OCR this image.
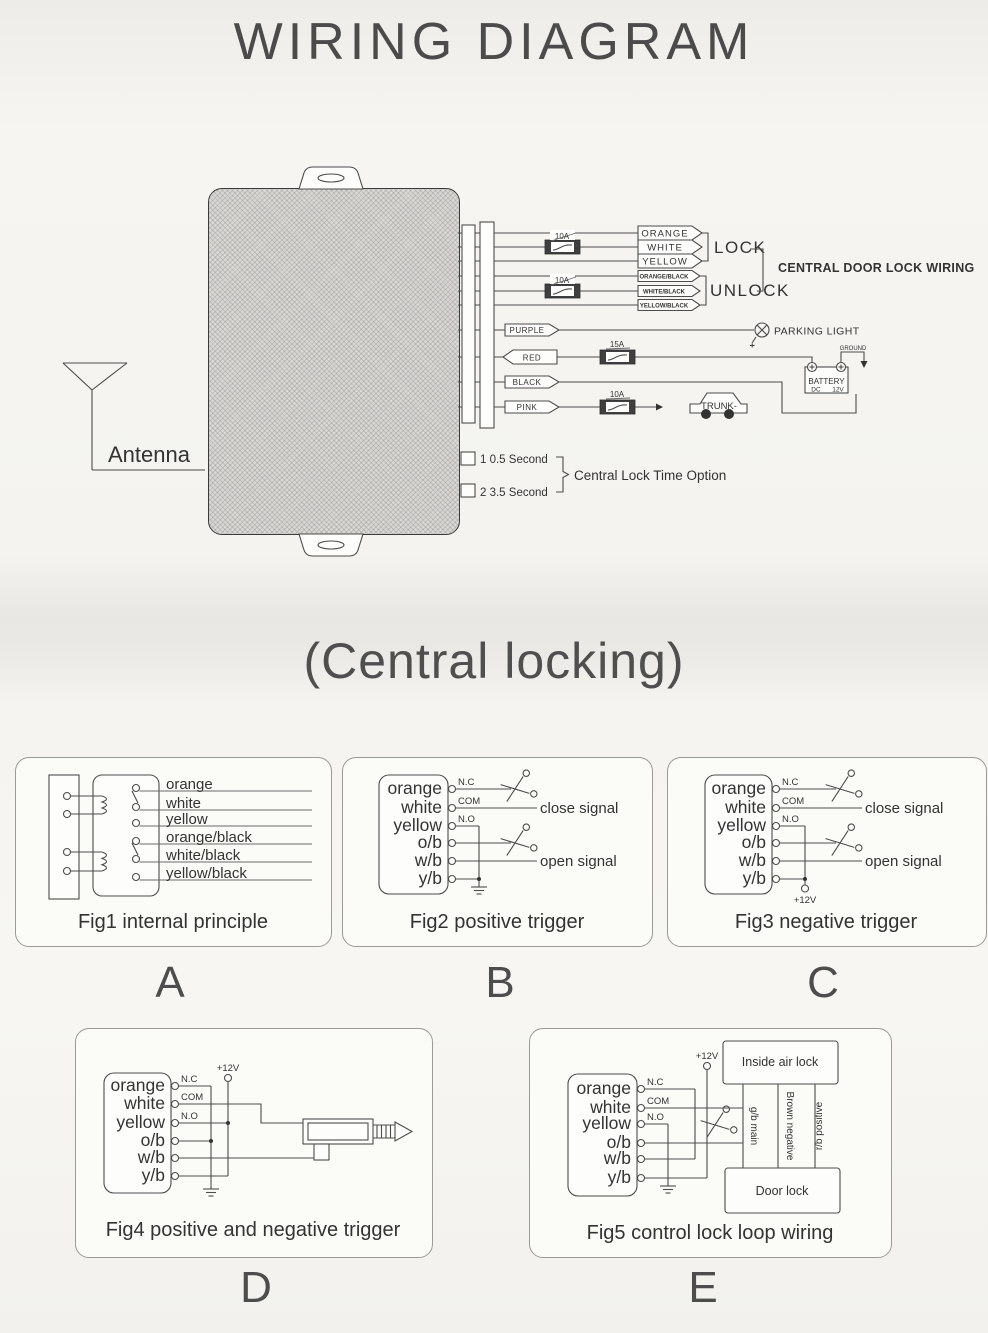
WIRING DIAGRAM
Antenna
10A
10A
15A
10A
ORANGE
WHITE
YELLOW
ORANGE/BLACK
WHITE/BLACK
YELLOW/BLACK
LOCK
UNLOCK
CENTRAL DOOR LOCK WIRING
PURPLE	PARKING LIGHT
RED
BATTERY
DC 12V
GROUND
BLACK
PINK	TRUNK-
1 0.5 Second
2 3.5 Second
Central Lock Time Option
(Central locking)
orange
white
yellow
orange/black
white/black
yellow/black
Fig1 internal principle
orange
white
yellow
o/b
w/b
y/b
N.C
COM
N.O
close signal
open signal
Fig2 positive trigger
orange
white
yellow
o/b
w/b
y/b
N.C
COM
N.O
+12V
close signal
open signal
Fig3 negative trigger
A	B	C
orange
white
yellow
o/b
w/b
y/b
N.C
COM
N.O
+12V
Fig4 positive and negative trigger
orange
white
yellow
o/b
w/b
y/b
N.C
COM
N.O
+12V Inside air lock
Door lock
g/b main	Brown negative r/b positive
Fig5 control lock loop wiring
D	E
